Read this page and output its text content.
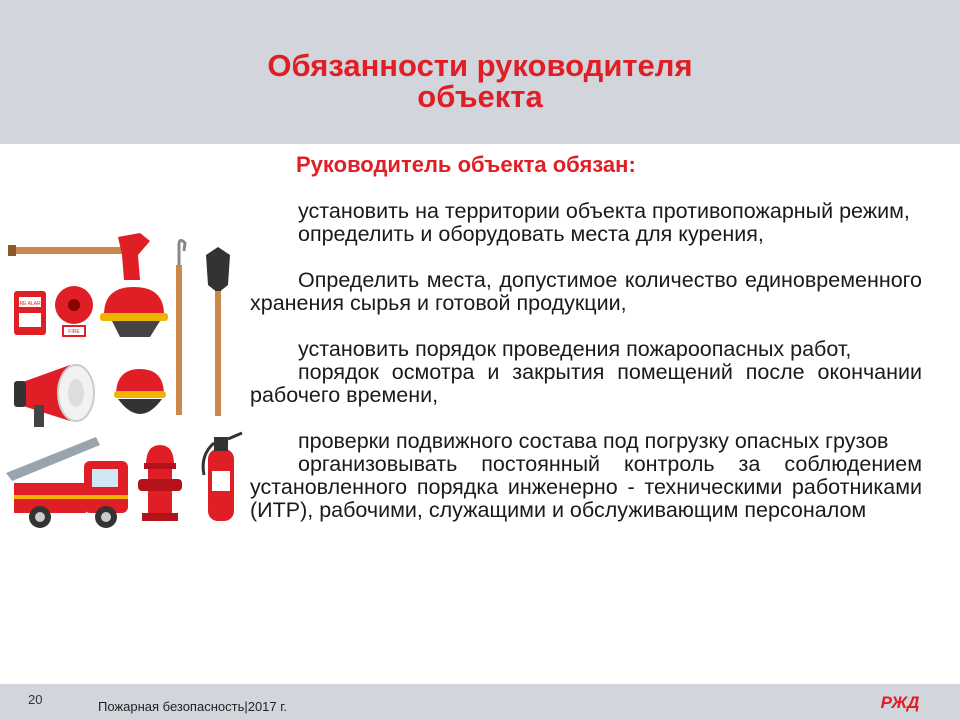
Обязанности руководителя
объекта
Руководитель объекта обязан:

установить на территории объекта противопожарный режим,

определить и оборудовать места для курения,

Определить места, допустимое количество единовременного хранения сырья и готовой продукции,

установить порядок проведения пожароопасных работ,

порядок осмотра и закрытия помещений после окончании рабочего времени,

проверки подвижного состава под погрузку опасных грузов

организовывать постоянный контроль за соблюдением установленного порядка инженерно - техническими работниками (ИТР), рабочими, служащими и обслуживающим персоналом

FIRE ALARM
FIRE
20	Пожарная безопасность|2017 г.	РЖД
